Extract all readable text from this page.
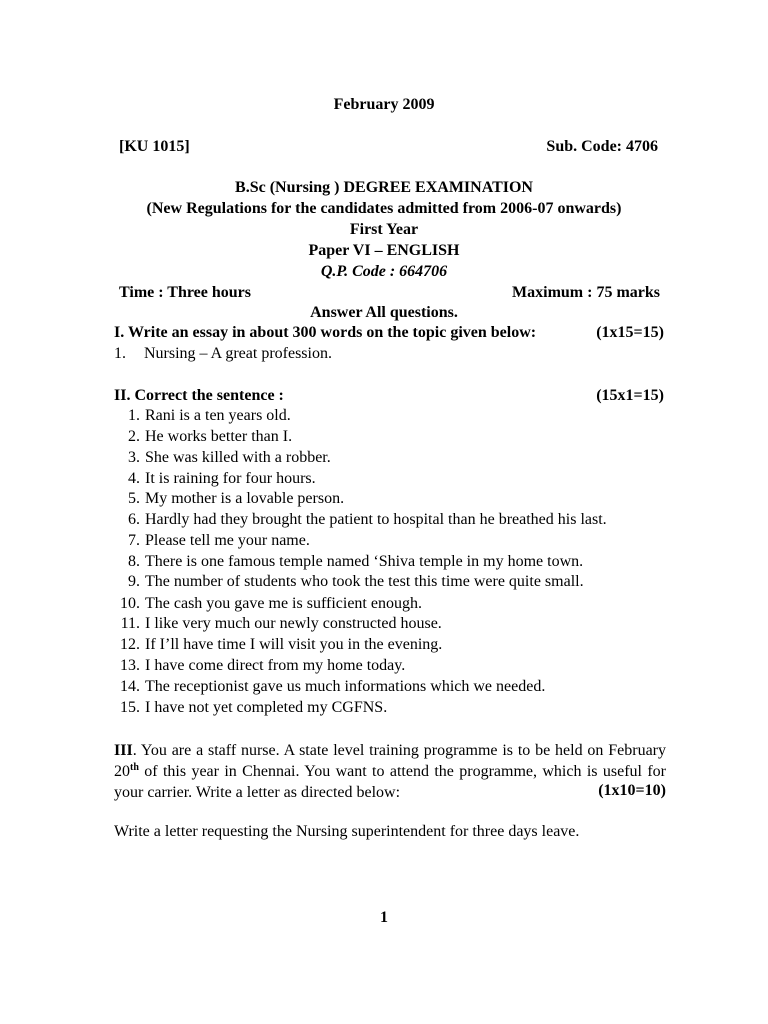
February 2009
[KU 1015]	Sub. Code: 4706
B.Sc (Nursing ) DEGREE EXAMINATION
(New Regulations for the candidates admitted from 2006-07 onwards)
First Year
Paper VI – ENGLISH
Q.P. Code : 664706
Time : Three hours	Maximum : 75 marks
Answer All questions.
I. Write an essay in about 300 words on the topic given below:	(1x15=15)
1. Nursing – A great profession.
II. Correct the sentence :	(15x1=15)
1. Rani is a ten years old.
2. He works better than I.
3. She was killed with a robber.
4. It is raining for four hours.
5. My mother is a lovable person.
6. Hardly had they brought the patient to hospital than he breathed his last.
7. Please tell me your name.
8. There is one famous temple named ‘Shiva temple in my home town.
9. The number of students who took the test this time were quite small.
10. The cash you gave me is sufficient enough.
11. I like very much our newly constructed house.
12. If I’ll have time I will visit you in the evening.
13. I have come direct from my home today.
14. The receptionist gave us much informations which we needed.
15. I have not yet completed my CGFNS.
III. You are a staff nurse. A state level training programme is to be held on February 20th of this year in Chennai. You want to attend the programme, which is useful for your carrier. Write a letter as directed below:	(1x10=10)
Write a letter requesting the Nursing superintendent for three days leave.
1
